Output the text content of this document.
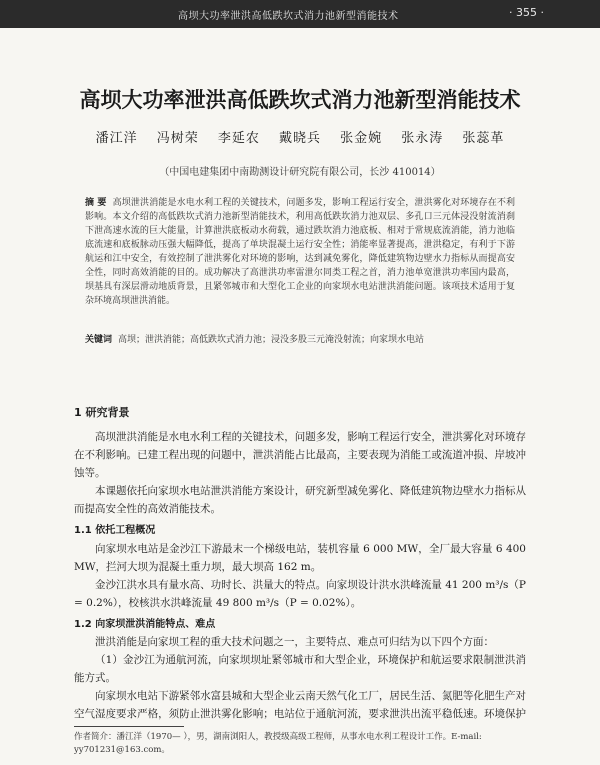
高坝大功率泄洪高低跌坎式消力池新型消能技术	· 355 ·
高坝大功率泄洪高低跌坎式消力池新型消能技术
潘江洋 冯树荣 李延农 戴晓兵 张金婉 张永涛 张蕊革
（中国电建集团中南勘测设计研究院有限公司，长沙 410014）
摘 要 高坝泄洪消能是水电水利工程的关键技术，问题多发，影响工程运行安全，泄洪雾化对环境存在不利影响。本文介绍的高低跌坎式消力池新型消能技术，利用高低跌坎消力池双层、多孔口三元体浸没射流消刹下泄高速水流的巨大能量，计算泄洪底板动水荷载，通过跌坎消力池底板、相对于常规底流消能，消力池临底流速和底板脉动压强大幅降低，提高了单块混凝土运行安全性；消能率显著提高，泄洪稳定，有利于下游航运和江中安全，有效控制了泄洪雾化对环境的影响，达到减免雾化，降低建筑物边壁水力指标从而提高安全性，同时高效消能的目的。成功解决了高泄洪功率雷泄尔同类工程之首，消力池单宽泄洪功率国内最高，坝基具有深层滑动地质背景，且紧邻城市和大型化工企业的向家坝水电站泄洪消能问题。该项技术适用于复杂环境高坝泄洪消能。
关键词 高坝；泄洪消能；高低跌坎式消力池；浸没多股三元淹没射流；向家坝水电站
1 研究背景
高坝泄洪消能是水电水利工程的关键技术，问题多发，影响工程运行安全，泄洪雾化对环境存在不利影响。已建工程出现的问题中，泄洪消能占比最高，主要表现为消能工或流道冲损、岸坡冲蚀等。
本课题依托向家坝水电站泄洪消能方案设计，研究新型减免雾化、降低建筑物边壁水力指标从而提高安全性的高效消能技术。
1.1 依托工程概况
向家坝水电站是金沙江下游最末一个梯级电站，装机容量 6 000 MW，全厂最大容量 6 400 MW，拦河大坝为混凝土重力坝，最大坝高 162 m。
金沙江洪水具有量水高、功时长、洪量大的特点。向家坝设计洪水洪峰流量 41 200 m³/s（P = 0.2%），校核洪水洪峰流量 49 800 m³/s（P = 0.02%）。
1.2 向家坝泄洪消能特点、难点
泄洪消能是向家坝工程的重大技术问题之一，主要特点、难点可归结为以下四个方面：
（1）金沙江为通航河流，向家坝坝址紧邻城市和大型企业，环境保护和航运要求限制泄洪消能方式。
向家坝水电站下游紧邻水富县城和大型企业云南天然气化工厂，居民生活、氮肥等化肥生产对空气湿度要求严格，须防止泄洪雾化影响；电站位于通航河流，要求泄洪出流平稳低速。环境保护
作者简介：潘江洋（1970— ），男，湖南浏阳人，教授级高级工程师，从事水电水利工程设计工作。E-mail:
yy701231@163.com。
